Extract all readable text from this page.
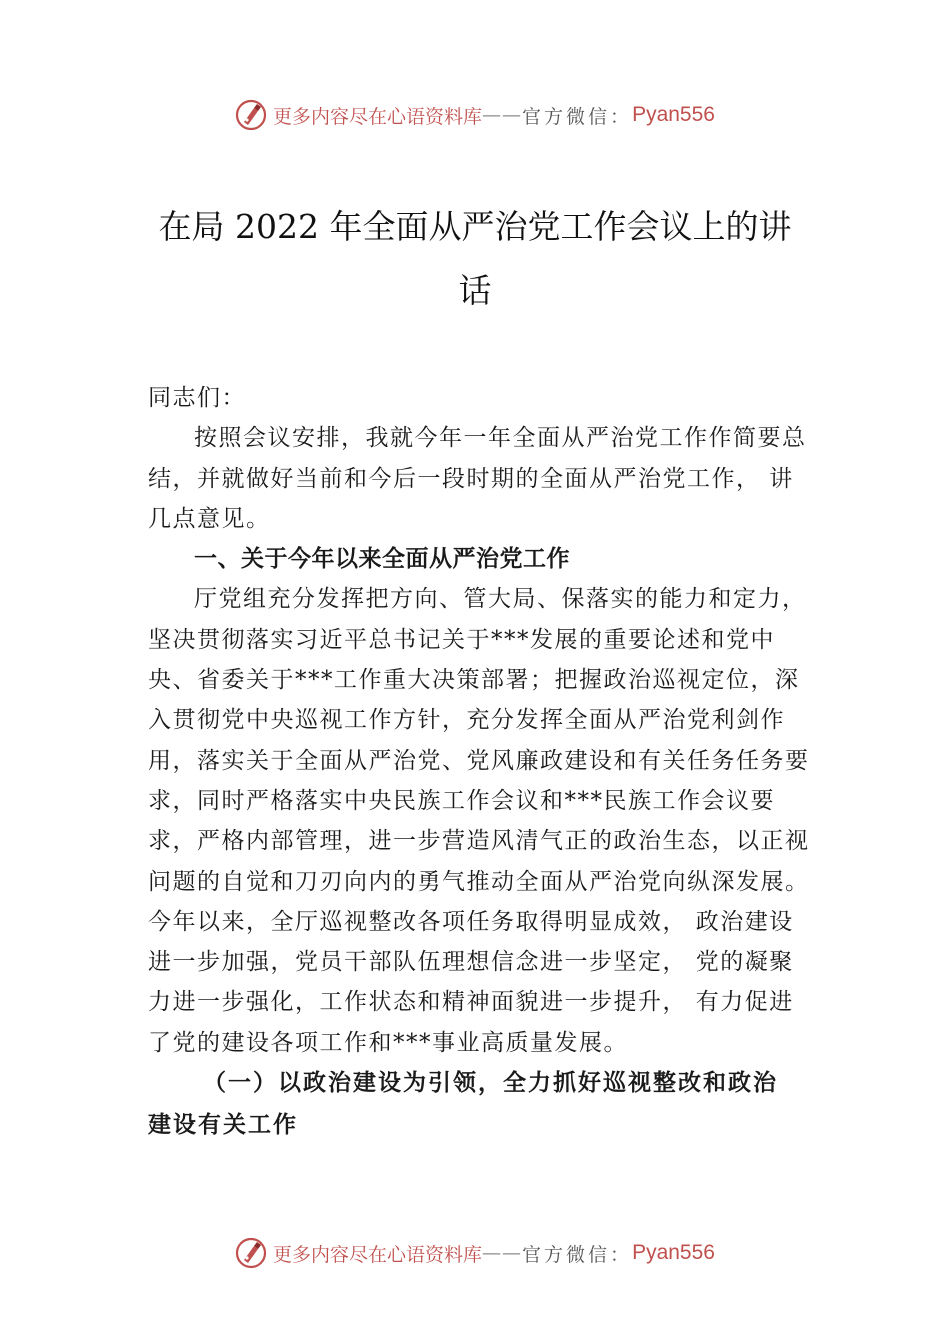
更多内容尽在心语资料库 —— 官方微信： Pyan556
在局 2022 年全面从严治党工作会议上的讲话

同志们：

按照会议安排，我就今年一年全面从严治党工作作简要总结，并就做好当前和今后一段时期的全面从严治党工作， 讲几点意见。

一、关于今年以来全面从严治党工作

厅党组充分发挥把方向、管大局、保落实的能力和定力，坚决贯彻落实习近平总书记关于***发展的重要论述和党中央、省委关于***工作重大决策部署；把握政治巡视定位，深入贯彻党中央巡视工作方针，充分发挥全面从严治党利剑作用，落实关于全面从严治党、党风廉政建设和有关任务任务要求，同时严格落实中央民族工作会议和***民族工作会议要求，严格内部管理，进一步营造风清气正的政治生态，以正视问题的自觉和刀刃向内的勇气推动全面从严治党向纵深发展。今年以来，全厅巡视整改各项任务取得明显成效， 政治建设进一步加强，党员干部队伍理想信念进一步坚定， 党的凝聚力进一步强化，工作状态和精神面貌进一步提升， 有力促进了党的建设各项工作和***事业高质量发展。

（一）以政治建设为引领，全力抓好巡视整改和政治

建设有关工作

更多内容尽在心语资料库 —— 官方微信： Pyan556
